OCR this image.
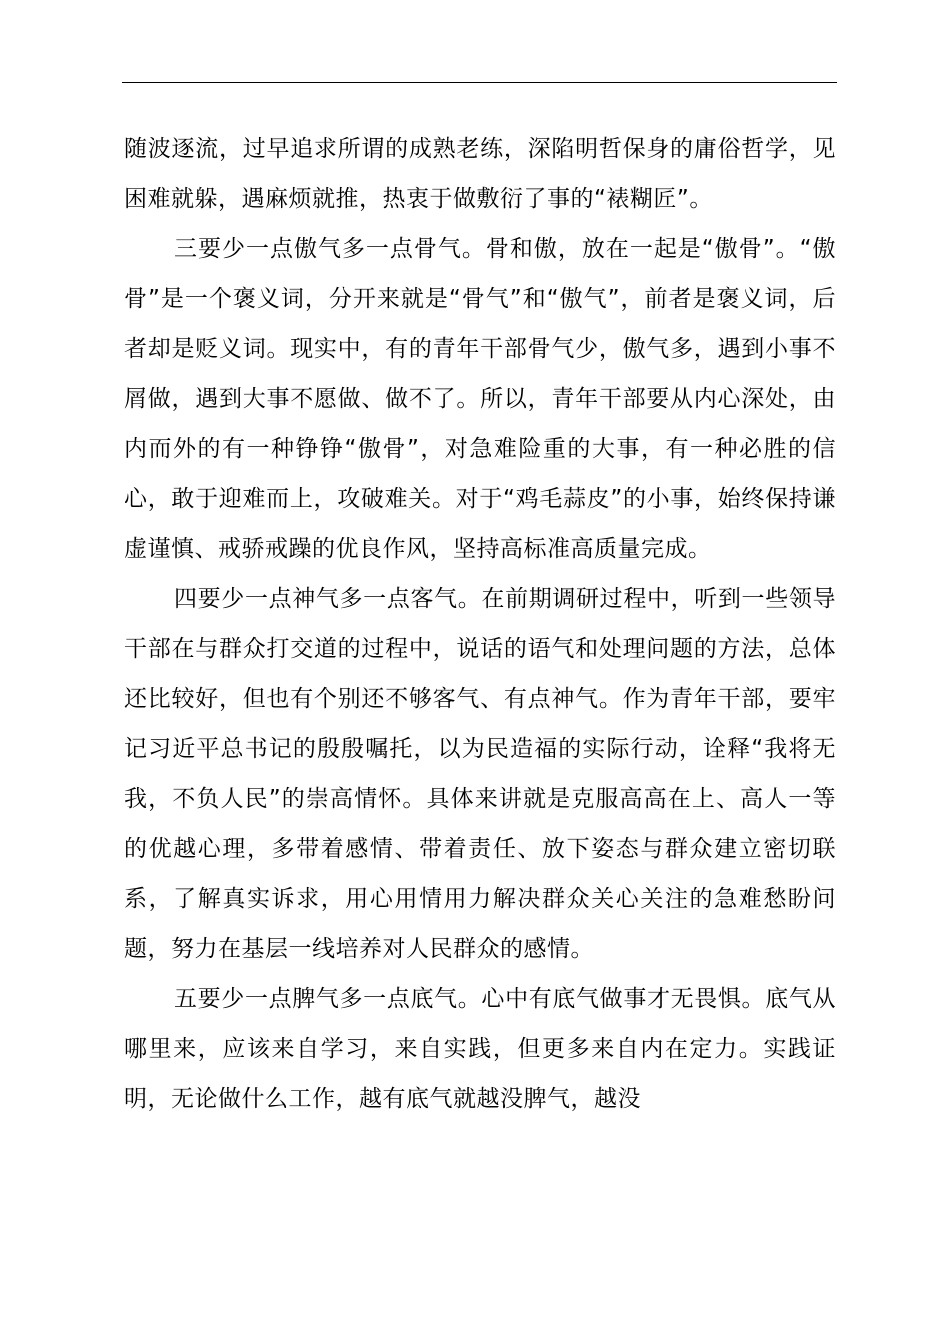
随波逐流，过早追求所谓的成熟老练，深陷明哲保身的庸俗哲学，见困难就躲，遇麻烦就推，热衷于做敷衍了事的“裱糊匠”。

三要少一点傲气多一点骨气。骨和傲，放在一起是“傲骨”。“傲骨”是一个褒义词，分开来就是“骨气”和“傲气”，前者是褒义词，后者却是贬义词。现实中，有的青年干部骨气少，傲气多，遇到小事不屑做，遇到大事不愿做、做不了。所以，青年干部要从内心深处，由内而外的有一种铮铮“傲骨”，对急难险重的大事，有一种必胜的信心，敢于迎难而上，攻破难关。对于“鸡毛蒜皮”的小事，始终保持谦虚谨慎、戒骄戒躁的优良作风，坚持高标准高质量完成。

四要少一点神气多一点客气。在前期调研过程中，听到一些领导干部在与群众打交道的过程中，说话的语气和处理问题的方法，总体还比较好，但也有个别还不够客气、有点神气。作为青年干部，要牢记习近平总书记的殷殷嘱托，以为民造福的实际行动，诠释“我将无我，不负人民”的崇高情怀。具体来讲就是克服高高在上、高人一等的优越心理，多带着感情、带着责任、放下姿态与群众建立密切联系，了解真实诉求，用心用情用力解决群众关心关注的急难愁盼问题，努力在基层一线培养对人民群众的感情。

五要少一点脾气多一点底气。心中有底气做事才无畏惧。底气从哪里来，应该来自学习，来自实践，但更多来自内在定力。实践证明，无论做什么工作，越有底气就越没脾气，越没
